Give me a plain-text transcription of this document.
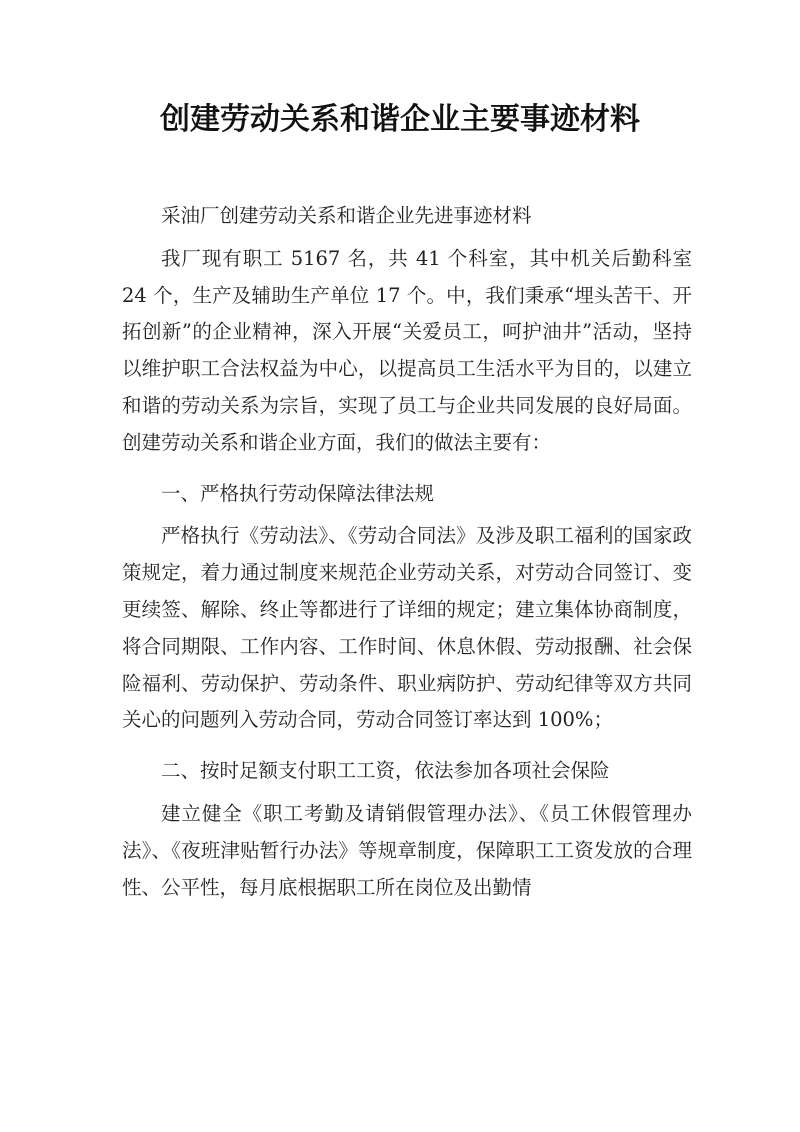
创建劳动关系和谐企业主要事迹材料

采油厂创建劳动关系和谐企业先进事迹材料

我厂现有职工 5167 名，共 41 个科室，其中机关后勤科室 24 个，生产及辅助生产单位 17 个。中，我们秉承“埋头苦干、开拓创新”的企业精神，深入开展“关爱员工，呵护油井”活动，坚持以维护职工合法权益为中心，以提高员工生活水平为目的，以建立和谐的劳动关系为宗旨，实现了员工与企业共同发展的良好局面。创建劳动关系和谐企业方面，我们的做法主要有：

一、严格执行劳动保障法律法规

严格执行《劳动法》、《劳动合同法》及涉及职工福利的国家政策规定，着力通过制度来规范企业劳动关系，对劳动合同签订、变更续签、解除、终止等都进行了详细的规定；建立集体协商制度，将合同期限、工作内容、工作时间、休息休假、劳动报酬、社会保险福利、劳动保护、劳动条件、职业病防护、劳动纪律等双方共同关心的问题列入劳动合同，劳动合同签订率达到 100%；

二、按时足额支付职工工资，依法参加各项社会保险

建立健全《职工考勤及请销假管理办法》、《员工休假管理办法》、《夜班津贴暂行办法》等规章制度，保障职工工资发放的合理性、公平性，每月底根据职工所在岗位及出勤情
